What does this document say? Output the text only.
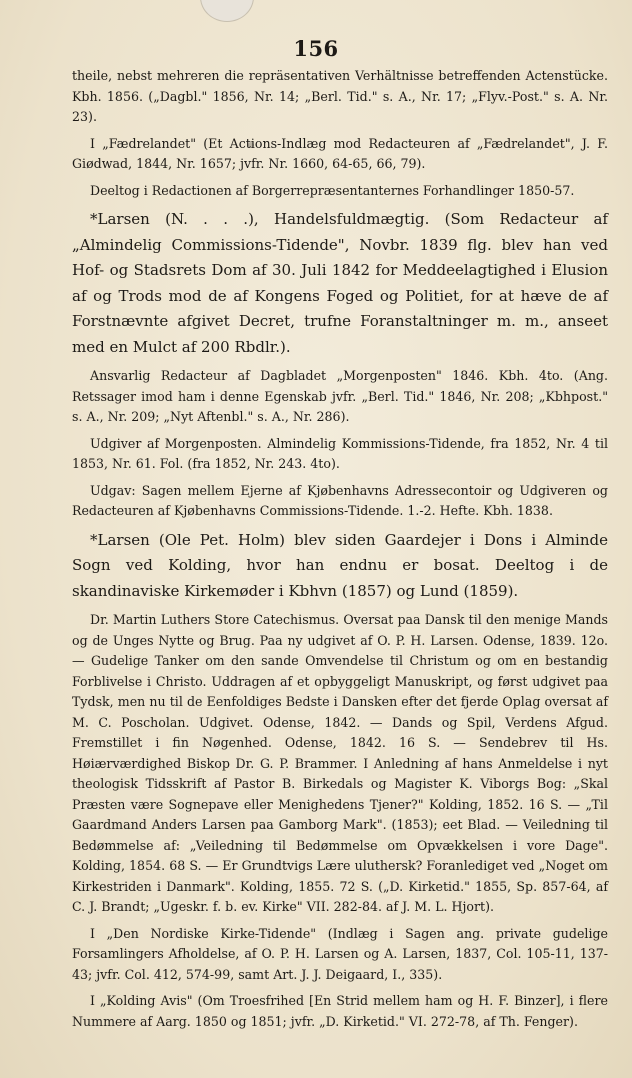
156

theile, nebst mehreren die repräsentativen Verhältnisse betreffenden Actenstücke. Kbh. 1856. („Dagbl." 1856, Nr. 14; „Berl. Tid." s. A., Nr. 17; „Flyv.-Post." s. A. Nr. 23).

I „Fædrelandet" (Et Actions-Indlæg mod Redacteuren af „Fædrelandet", J. F. Giødwad, 1844, Nr. 1657; jvfr. Nr. 1660, 64-65, 66, 79).

Deeltog i Redactionen af Borgerrepræsentanternes Forhandlinger 1850-57.

*Larsen (N. . . .), Handelsfuldmægtig. (Som Redacteur af „Almindelig Commissions-Tidende", Novbr. 1839 flg. blev han ved Hof- og Stadsrets Dom af 30. Juli 1842 for Meddeelagtighed i Elusion af og Trods mod de af Kongens Foged og Politiet, for at hæve de af Forstnævnte afgivet Decret, trufne Foranstaltninger m. m., anseet med en Mulct af 200 Rbdlr.).

Ansvarlig Redacteur af Dagbladet „Morgenposten" 1846. Kbh. 4to. (Ang. Retssager imod ham i denne Egenskab jvfr. „Berl. Tid." 1846, Nr. 208; „Kbhpost." s. A., Nr. 209; „Nyt Aftenbl." s. A., Nr. 286).

Udgiver af Morgenposten. Almindelig Kommissions-Tidende, fra 1852, Nr. 4 til 1853, Nr. 61. Fol. (fra 1852, Nr. 243. 4to).

Udgav: Sagen mellem Ejerne af Kjøbenhavns Adressecontoir og Udgiveren og Redacteuren af Kjøbenhavns Commissions-Tidende. 1.-2. Hefte. Kbh. 1838.

*Larsen (Ole Pet. Holm) blev siden Gaardejer i Dons i Alminde Sogn ved Kolding, hvor han endnu er bosat. Deeltog i de skandinaviske Kirkemøder i Kbhvn (1857) og Lund (1859).

Dr. Martin Luthers Store Catechismus. Oversat paa Dansk til den menige Mands og de Unges Nytte og Brug. Paa ny udgivet af O. P. H. Larsen. Odense, 1839. 12o. — Gudelige Tanker om den sande Omvendelse til Christum og om en bestandig Forblivelse i Christo. Uddragen af et opbyggeligt Manuskript, og først udgivet paa Tydsk, men nu til de Eenfoldiges Bedste i Dansken efter det fjerde Oplag oversat af M. C. Poscholan. Udgivet. Odense, 1842. — Dands og Spil, Verdens Afgud. Fremstillet i fin Nøgenhed. Odense, 1842. 16 S. — Sendebrev til Hs. Høiærværdighed Biskop Dr. G. P. Brammer. I Anledning af hans Anmeldelse i nyt theologisk Tidsskrift af Pastor B. Birkedals og Magister K. Viborgs Bog: „Skal Præsten være Sognepave eller Menighedens Tjener?" Kolding, 1852. 16 S. — „Til Gaardmand Anders Larsen paa Gamborg Mark". (1853); eet Blad. — Veiledning til Bedømmelse af: „Veiledning til Bedømmelse om Opvækkelsen i vore Dage". Kolding, 1854. 68 S. — Er Grundtvigs Lære uluthersk? Foranlediget ved „Noget om Kirkestriden i Danmark". Kolding, 1855. 72 S. („D. Kirketid." 1855, Sp. 857-64, af C. J. Brandt; „Ugeskr. f. b. ev. Kirke" VII. 282-84. af J. M. L. Hjort).

I „Den Nordiske Kirke-Tidende" (Indlæg i Sagen ang. private gudelige Forsamlingers Afholdelse, af O. P. H. Larsen og A. Larsen, 1837, Col. 105-11, 137-43; jvfr. Col. 412, 574-99, samt Art. J. J. Deigaard, I., 335).

I „Kolding Avis" (Om Troesfrihed [En Strid mellem ham og H. F. Binzer], i flere Nummere af Aarg. 1850 og 1851; jvfr. „D. Kirketid." VI. 272-78, af Th. Fenger).
